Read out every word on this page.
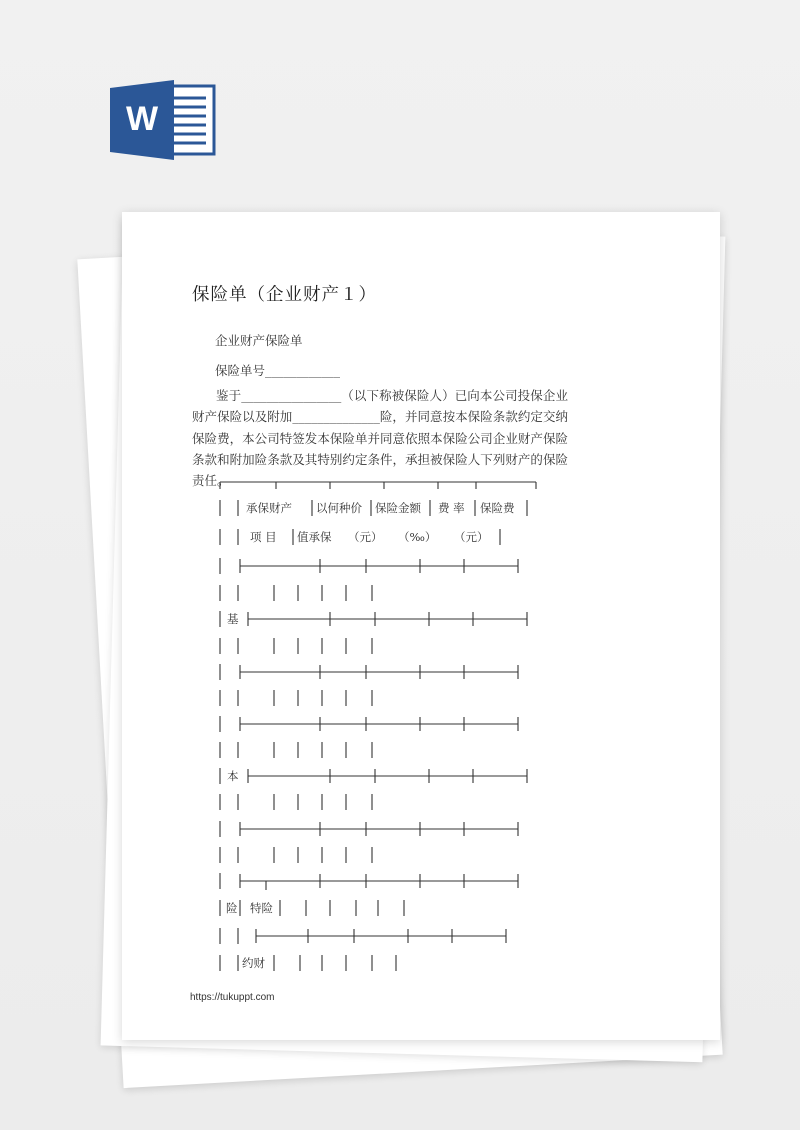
W
保险单（企业财产１）
企业财产保险单
保险单号____________

鉴于________________（以下称被保险人）已向本公司投保企业财产保险以及附加______________险，并同意按本保险条款约定交纳保险费，本公司特签发本保险单并同意依照本保险公司企业财产保险条款和附加险条款及其特别约定条件，承担被保险人下列财产的保险责任。

承保财产 以何种价 保险金额 费 率 保险费
项 目 值承保 （元） （‰） （元）
基
本
险 特险
约财
https://tukuppt.com
